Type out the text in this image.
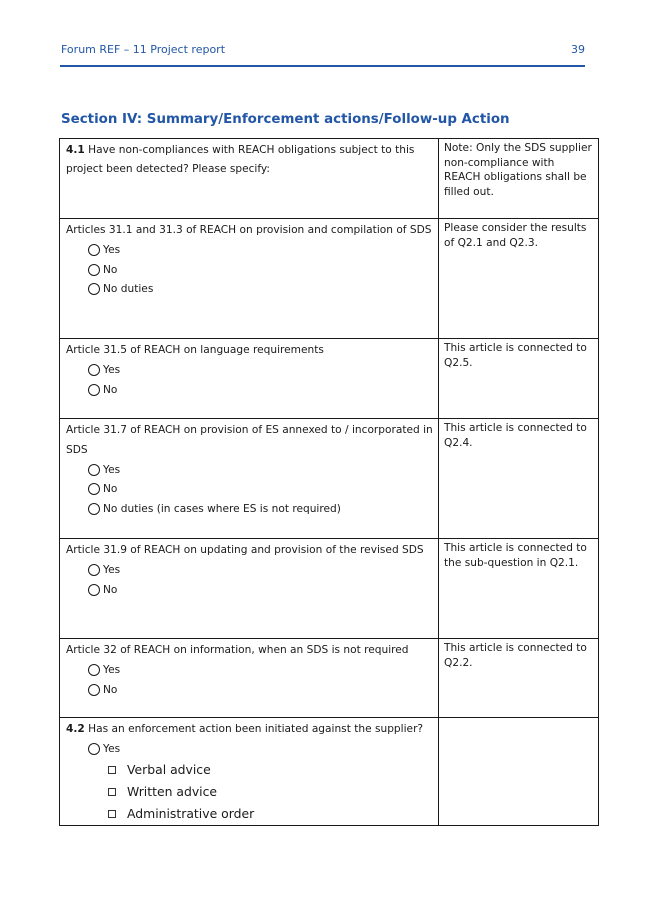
Forum REF – 11 Project report	39
Section IV: Summary/Enforcement actions/Follow-up Action
4.1 Have non-compliances with REACH obligations subject to this project been detected? Please specify:	Note: Only the SDS supplier non-compliance with REACH obligations shall be filled out.

Articles 31.1 and 31.3 of REACH on provision and compilation of SDS
Yes
No
No duties	Please consider the results of Q2.1 and Q2.3.

Article 31.5 of REACH on language requirements
Yes
No	This article is connected to Q2.5.

Article 31.7 of REACH on provision of ES annexed to / incorporated in SDS
Yes
No
No duties (in cases where ES is not required)	This article is connected to Q2.4.

Article 31.9 of REACH on updating and provision of the revised SDS
Yes
No	This article is connected to the sub-question in Q2.1.

Article 32 of REACH on information, when an SDS is not required
Yes
No	This article is connected to Q2.2.

4.2 Has an enforcement action been initiated against the supplier?
Yes
Verbal advice
Written advice
Administrative order	
